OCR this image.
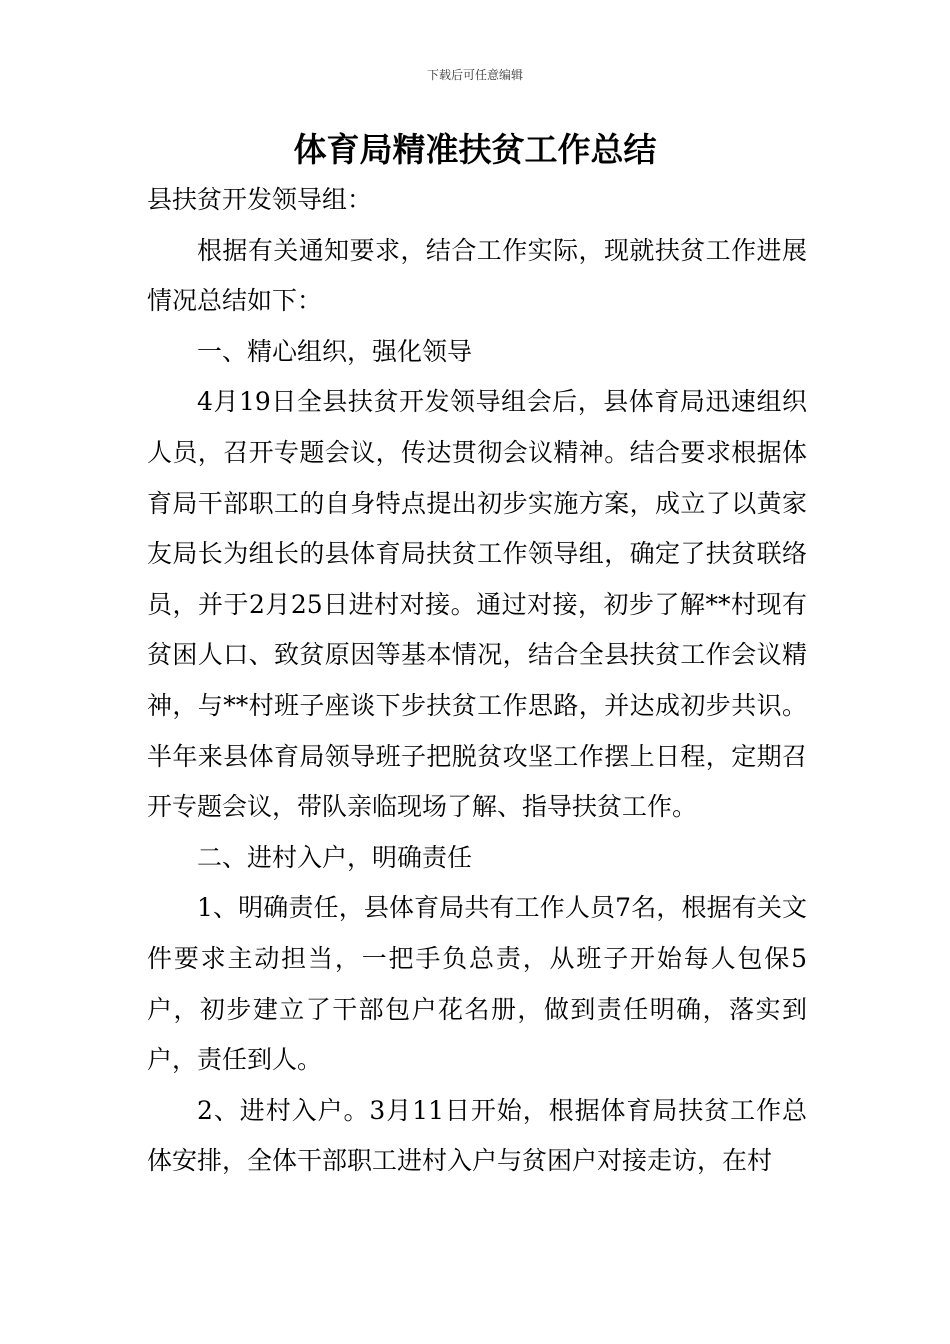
下载后可任意编辑
体育局精准扶贫工作总结

县扶贫开发领导组：

根据有关通知要求，结合工作实际，现就扶贫工作进展情况总结如下：

一、精心组织，强化领导

4月19日全县扶贫开发领导组会后，县体育局迅速组织人员，召开专题会议，传达贯彻会议精神。结合要求根据体育局干部职工的自身特点提出初步实施方案，成立了以黄家友局长为组长的县体育局扶贫工作领导组，确定了扶贫联络员，并于2月25日进村对接。通过对接，初步了解**村现有贫困人口、致贫原因等基本情况，结合全县扶贫工作会议精神，与**村班子座谈下步扶贫工作思路，并达成初步共识。半年来县体育局领导班子把脱贫攻坚工作摆上日程，定期召开专题会议，带队亲临现场了解、指导扶贫工作。

二、进村入户，明确责任

1、明确责任，县体育局共有工作人员7名，根据有关文件要求主动担当，一把手负总责，从班子开始每人包保5户，初步建立了干部包户花名册，做到责任明确，落实到户，责任到人。

2、进村入户。3月11日开始，根据体育局扶贫工作总体安排，全体干部职工进村入户与贫困户对接走访，在村
